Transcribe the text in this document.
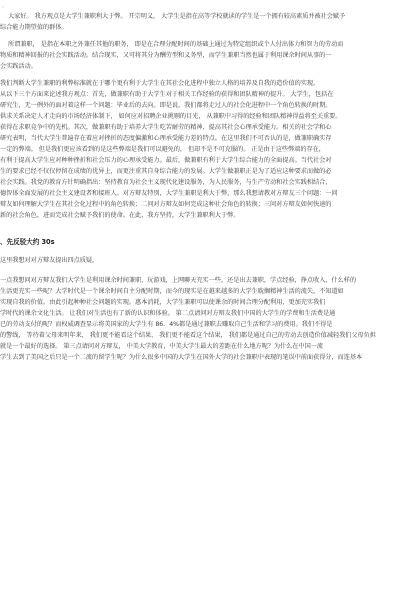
、
大家好。 我方观点是大学生兼职利大于弊。 开宗明义， 大学生是指在高等学校就读的学生是一个拥有较高素质并被社会赋予
综合能力期望值的群体。
所谓兼职， 是指在本职之外兼任其他的职务， 即是在合理分配时间的基础上通过为特定组织或个人付出体力和智力的劳动而
物质和精神回报的社会实践活动。结合现实，又可将其分为酬劳型和义务型，而学生兼职当然也属于利用课余时间从事的一
会实践活动。
我们判断大学生兼职的利弊标准就在于哪个更有利于大学生在其社会化进程中独立人格的培养及自我的造价值的实现。
从以下三个方面来论述我方观点：首先，做兼职有助于大学生对于相关工作经验的获得和团队精神的提升。 大学生，包括在
研究生，无一例外的面对着这样一个问题：毕业后的去向。即是说，我们都将走过人的社会化进程中一个角色转换的时期。
供求关系决定人才走向的市场经济体制下， 如何应对招聘企业挑剔的目光， 从兼职中习得的经验和团队精神得益将至关重要。
获得在求职竞争中的先机。其次，做兼职有助于培养大学生吃苦耐劳的精神，提高其社会心理承受能力。相关的社会学和心
研究表明，当代大学生普遍存在着应对挫折的态度偏激和心理承受能力差的特点。在这里我们不可否认的是，做兼职确实存
一定的弊端。 但是我们更应该看到的是这些弊端是我们可以避免的， 但却不是不可克服的。 正是由于这些弊端的存在，
有利于提高大学生应对种种挫折和社会压力的心理承受能力。最后，做兼职有利于大学生综合能力的全面提高。当代社会对
生的要求已经不仅仅停留在成绩的优异上，而更注重其自身综合能力的发展。大学生做兼职正是为了适应这种要求而做的必
社会实践。我党的教育方针明确指出：坚持教育为社会主义现代化建设服务，为人民服务，与生产劳动和社会实践相结合，
德智体全面发展的社会主义建设者和接班人。对方辩友特别，大学生兼职是利大于弊，那么我想请教对方辩友三个问题：一问
辩友如何理解大学生在其社会化过程中的角色转换；二问对方辩友如何完成这种社会角色的转换；三问对方辩友如何快速的
新的社会角色，进而完成社会赋予我们的使命。在此，我方坚持，大学生兼职利大于弊。
、先反驳大约 30s
这里我想对对方辩友提出四点质疑。
一点我想问对方辩友我们大学生是利用课余时间兼职，玩游戏，上网聊天充实一些，还是出去兼职，学点经验，挣点收入，什么样的
生活更充实一些呢？大学时代是一个课余时间自主分配时期，而今的现实是在越来越多的大学生耽搁精神生活的流失，不知道如
实现自我的价值。由此引起种种社会问题的实现。惠本消耗，大学生兼职可以使课余的时间合理分配利用，更加充实我们
学时代的课余文化生活。 让我们对生活也有了新的认识和体验。 第二点请问对方辩友我们中国的大学生的学费和生活费是通
已的劳动支付的呢？而权威调查显示将美国家的大学生有 86．4%都是通过兼职去赚取自己生活和学习的费用。我们不得是
的警线， 等待着父母来明年来， 我们更不能看这个结果， 我们更不能看这个结果， 我们都是通过自己的劳动去创造价值减轻我们父母负担
就是一个最好的选择。 第三点请问对方辩友， 中美大学教育，中美大学生最大的差距在什么地方呢？为什么在中国一流
学生去到了美国之后只是一个二流的留学生呢？为什么很多中国的大学生在国外大学的社会兼职中表现的笔误中前面获得分，而连基本
